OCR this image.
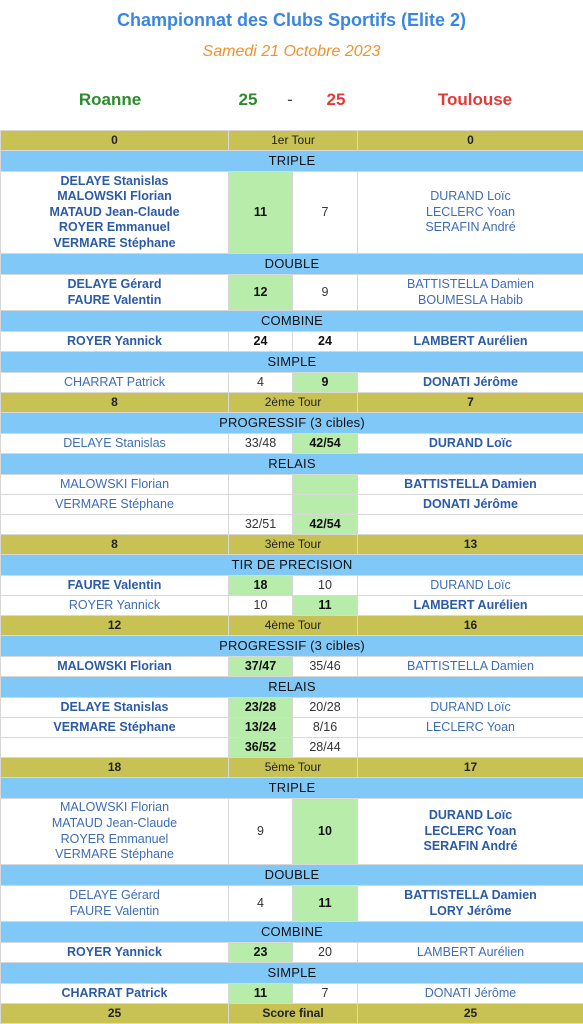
Championnat des Clubs Sportifs (Elite 2)
Samedi 21 Octobre 2023
Roanne	25	-	25	Toulouse
0	1er Tour		0
TRIPLE			

DELAYE Stanislas
MALOWSKI Florian
MATAUD Jean-Claude
ROYER Emmanuel
VERMARE Stéphane	11	7	DURAND Loïc
LECLERC Yoan
SERAFIN André

DOUBLE			

DELAYE Gérard
FAURE Valentin	12	9	BATTISTELLA Damien
BOUMESLA Habib

COMBINE			

ROYER Yannick	24	24	LAMBERT Aurélien

SIMPLE			

CHARRAT Patrick	4	9	DONATI Jérôme

8	2ème Tour		7
PROGRESSIF (3 cibles)			

DELAYE Stanislas	33/48	42/54	DURAND Loïc

RELAIS			

MALOWSKI Florian			BATTISTELLA Damien

VERMARE Stéphane			DONATI Jérôme

	32/51	42/54	
8	3ème Tour		13
TIR DE PRECISION			

FAURE Valentin	18	10	DURAND Loïc

ROYER Yannick	10	11	LAMBERT Aurélien

12	4ème Tour		16
PROGRESSIF (3 cibles)			

MALOWSKI Florian	37/47	35/46	BATTISTELLA Damien

RELAIS			

DELAYE Stanislas	23/28	20/28	DURAND Loïc

VERMARE Stéphane	13/24	8/16	LECLERC Yoan

	36/52	28/44	
18	5ème Tour		17
TRIPLE			

MALOWSKI Florian
MATAUD Jean-Claude
ROYER Emmanuel
VERMARE Stéphane	9	10	DURAND Loïc
LECLERC Yoan
SERAFIN André

DOUBLE			

DELAYE Gérard
FAURE Valentin	4	11	BATTISTELLA Damien
LORY Jérôme

COMBINE			

ROYER Yannick	23	20	LAMBERT Aurélien

SIMPLE			

CHARRAT Patrick	11	7	DONATI Jérôme

25	Score final		25
